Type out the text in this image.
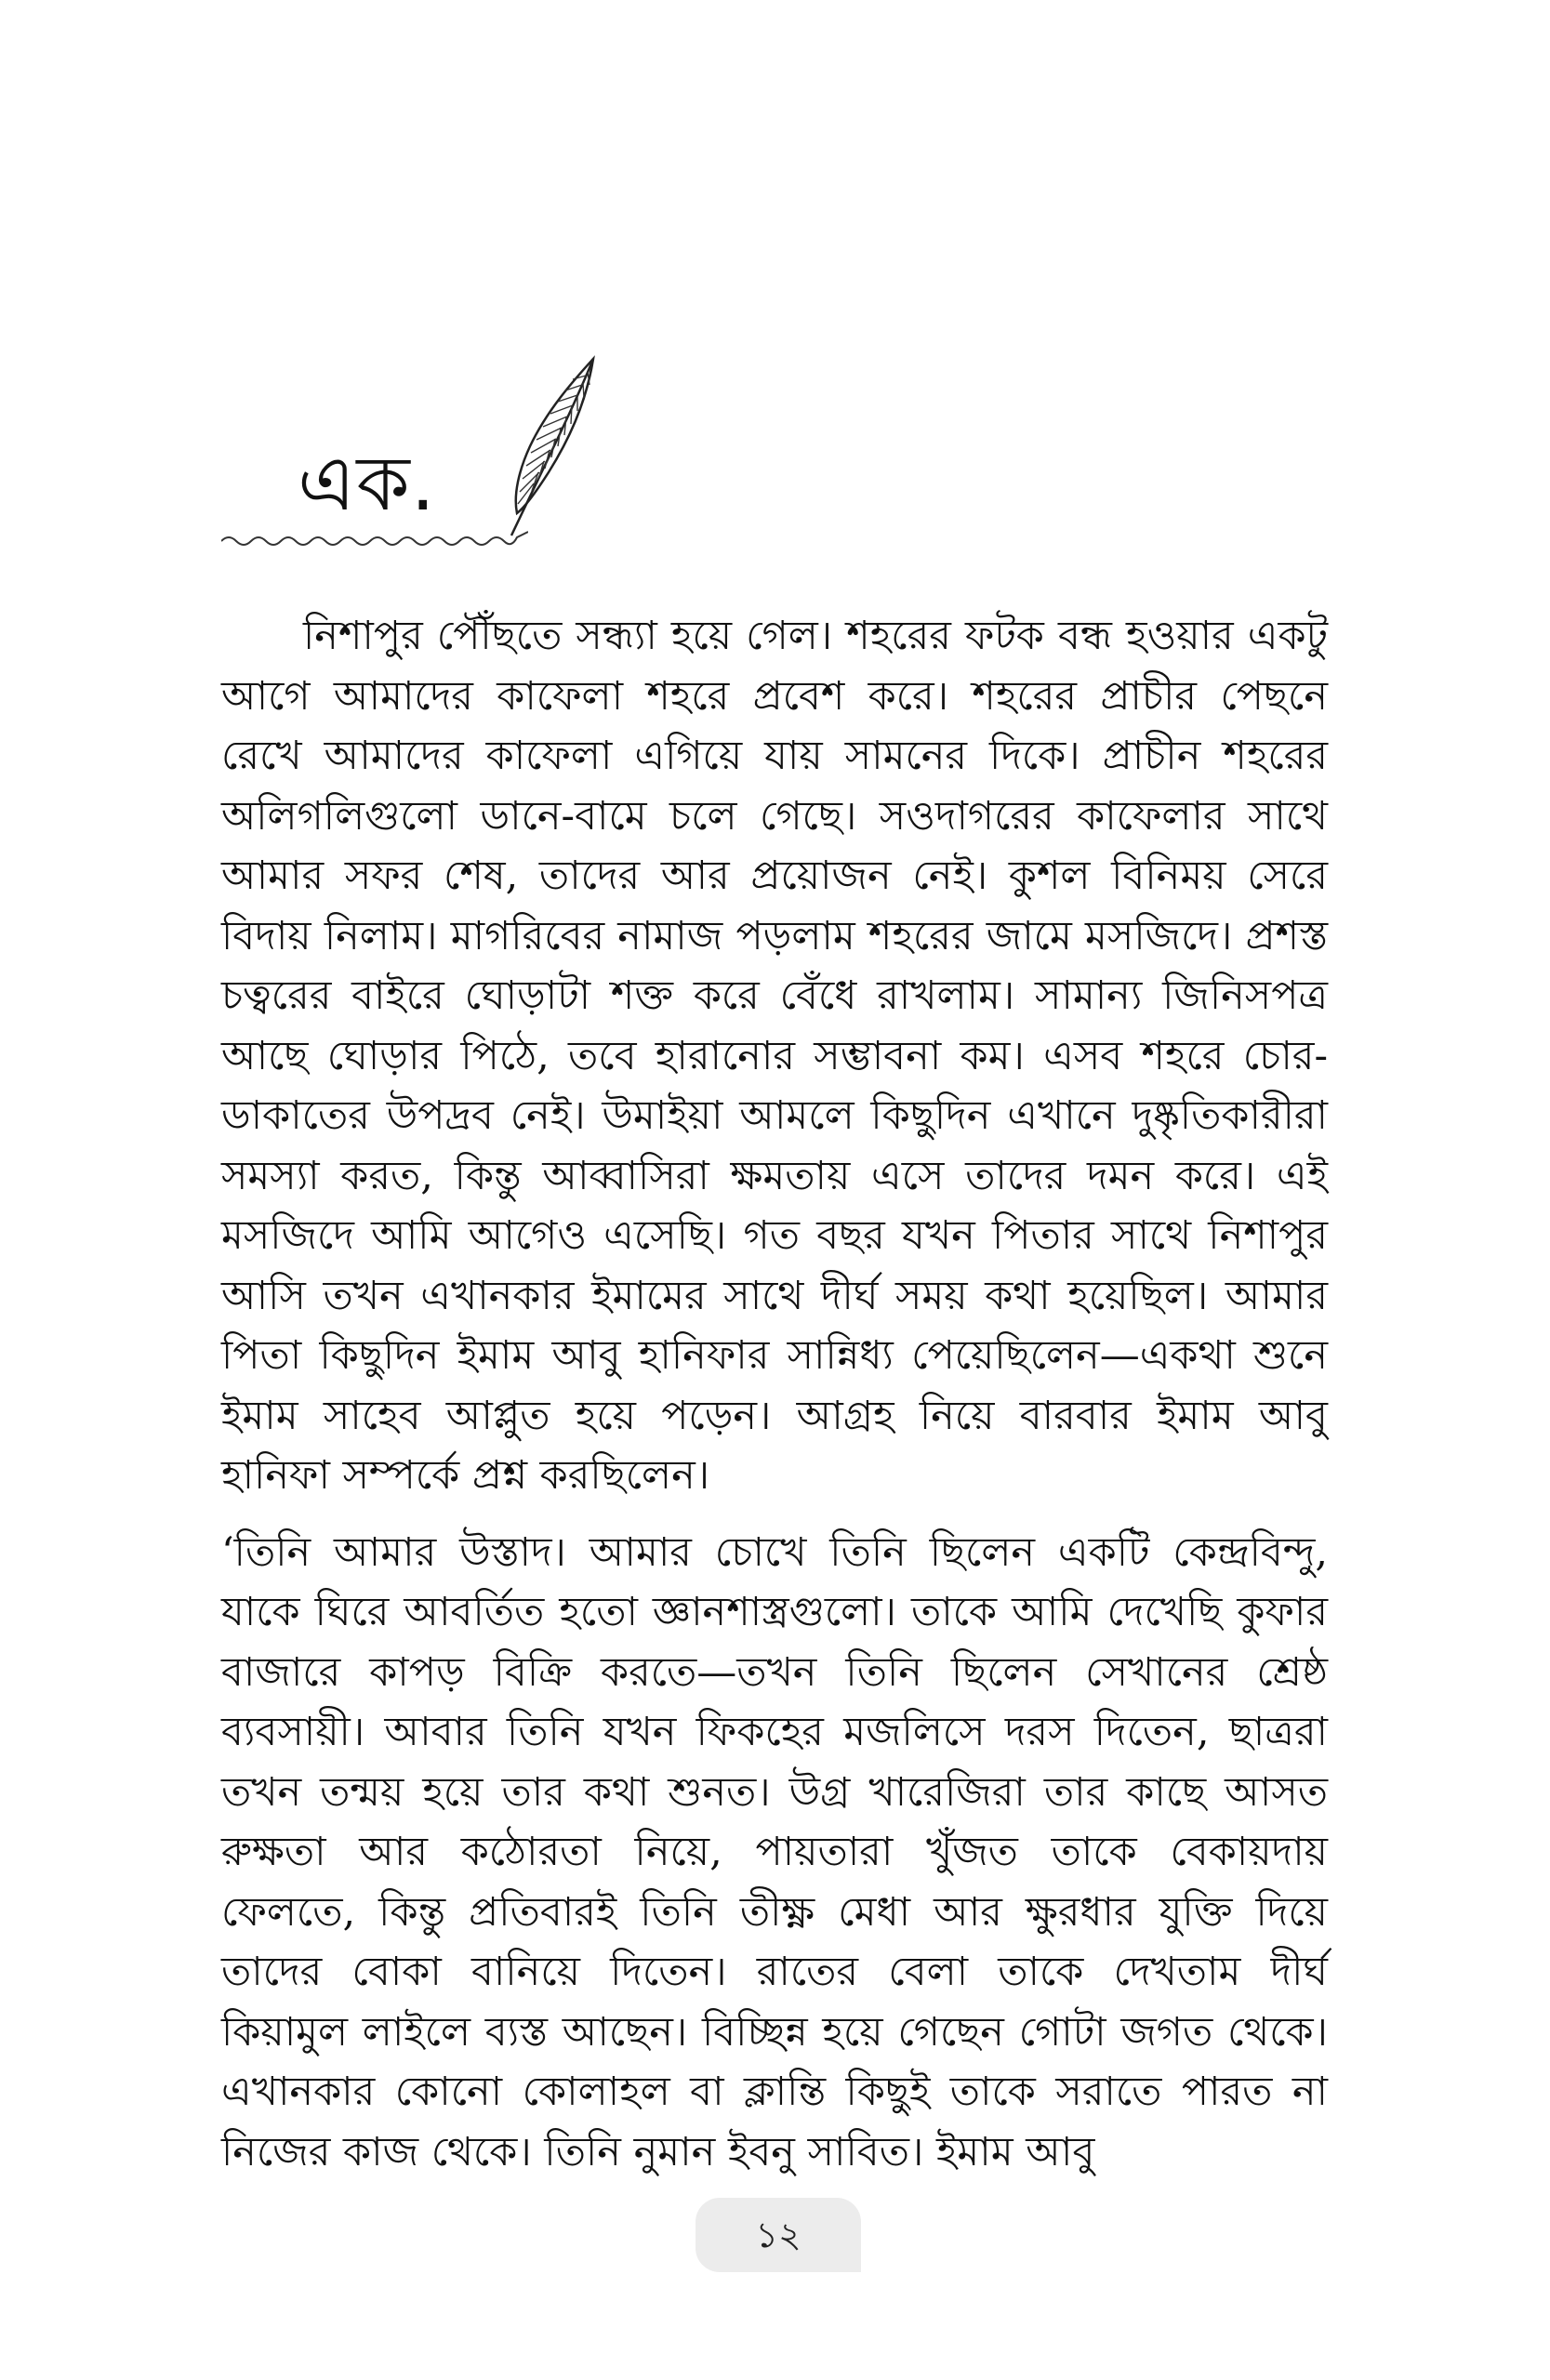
এক.

নিশাপুর পৌঁছতে সন্ধ্যা হয়ে গেল। শহরের ফটক বন্ধ হওয়ার একটু আগে আমাদের কাফেলা শহরে প্রবেশ করে। শহরের প্রাচীর পেছনে রেখে আমাদের কাফেলা এগিয়ে যায় সামনের দিকে। প্রাচীন শহরের অলিগলিগুলো ডানে-বামে চলে গেছে। সওদাগরের কাফেলার সাথে আমার সফর শেষ, তাদের আর প্রয়োজন নেই। কুশল বিনিময় সেরে বিদায় নিলাম। মাগরিবের নামাজ পড়লাম শহরের জামে মসজিদে। প্রশস্ত চত্বরের বাইরে ঘোড়াটা শক্ত করে বেঁধে রাখলাম। সামান্য জিনিসপত্র আছে ঘোড়ার পিঠে, তবে হারানোর সম্ভাবনা কম। এসব শহরে চোর-ডাকাতের উপদ্রব নেই। উমাইয়া আমলে কিছুদিন এখানে দুষ্কৃতিকারীরা সমস্যা করত, কিন্তু আব্বাসিরা ক্ষমতায় এসে তাদের দমন করে। এই মসজিদে আমি আগেও এসেছি। গত বছর যখন পিতার সাথে নিশাপুর আসি তখন এখানকার ইমামের সাথে দীর্ঘ সময় কথা হয়েছিল। আমার পিতা কিছুদিন ইমাম আবু হানিফার সান্নিধ্য পেয়েছিলেন—একথা শুনে ইমাম সাহেব আপ্লুত হয়ে পড়েন। আগ্রহ নিয়ে বারবার ইমাম আবু হানিফা সম্পর্কে প্রশ্ন করছিলেন।

‘তিনি আমার উস্তাদ। আমার চোখে তিনি ছিলেন একটি কেন্দ্রবিন্দু, যাকে ঘিরে আবর্তিত হতো জ্ঞানশাস্ত্রগুলো। তাকে আমি দেখেছি কুফার বাজারে কাপড় বিক্রি করতে—তখন তিনি ছিলেন সেখানের শ্রেষ্ঠ ব্যবসায়ী। আবার তিনি যখন ফিকহের মজলিসে দরস দিতেন, ছাত্ররা তখন তন্ময় হয়ে তার কথা শুনত। উগ্র খারেজিরা তার কাছে আসত রুক্ষতা আর কঠোরতা নিয়ে, পায়তারা খুঁজত তাকে বেকায়দায় ফেলতে, কিন্তু প্রতিবারই তিনি তীক্ষ্ণ মেধা আর ক্ষুরধার যুক্তি দিয়ে তাদের বোকা বানিয়ে দিতেন। রাতের বেলা তাকে দেখতাম দীর্ঘ কিয়ামুল লাইলে ব্যস্ত আছেন। বিচ্ছিন্ন হয়ে গেছেন গোটা জগত থেকে। এখানকার কোনো কোলাহল বা ক্লান্তি কিছুই তাকে সরাতে পারত না নিজের কাজ থেকে। তিনি নুমান ইবনু সাবিত। ইমাম আবু

১২
